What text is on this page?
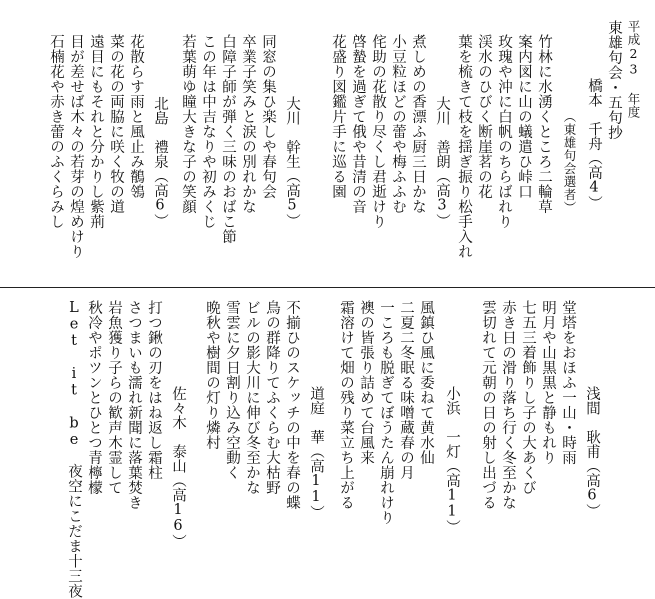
平成23 年度
東雄句会・五句抄
橋本　千舟（高4）
（東雄句会選者）
竹林に水湧くところ二輪草
案内図に山の蟻遣ひ峠口
玫瑰や沖に白帆のちらばれり
渓水のひびく断崖茗の花
葉を梳きて枝を揺ぎ振り松手入れ
大川　善朗（高3）
煮しめの香漂ふ厨三日かな
小豆粒ほどの蕾や梅ふふむ
侘助の花散り尽くし君逝けり
啓蟄を過ぎて俄や昔清の音
花盛り図鑑片手に巡る園
大川　幹生（高5）
同窓の集ひ楽しや春句会
卒業子笑みと涙の別れかな
白障子師が弾く三味のおばこ節
この年は中吉なりや初みくじ
若葉萌ゆ瞳大きな子の笑顔
北島　禮泉（高6）
花散らす雨と風止み鶺鴒
菜の花の両脇に咲く牧の道
遠目にもそれと分かりし紫荊
目が差せば木々の若芽の煌めけり
石楠花や赤き蕾のふくらみし
浅間　耿甫（高6）
堂塔をおほふ一山・時雨
明月や山黒黒と静もれり
七五三着飾りし子の大あくび
赤き日の滑り落ち行く冬至かな
雲切れて元朝の日の射し出づる
小浜　一灯（高11）
風鎮ひ風に委ねて黄水仙
二夏二冬眠る味噌蔵春の月
一ころも脱ぎてぼうたん崩れけり
襖の皆張り詰めて台風来
霜溶けて畑の残り菜立ち上がる
道庭　華（高11）
不揃ひのスケッチの中を春の蝶
鳥の群降りてふくらむ大枯野
ビルの影大川に伸び冬至かな
雪雲に夕日割り込み空動く
晩秋や樹間の灯り燐村
佐々木　泰山（高16）
打つ鍬の刃をはね返し霜柱
さつまいも濡れ新聞に落葉焚き
岩魚獲り子らの歓声木霊して
秋冷やポツンとひとつ青檸檬
Let it be　夜空にこだま十三夜
